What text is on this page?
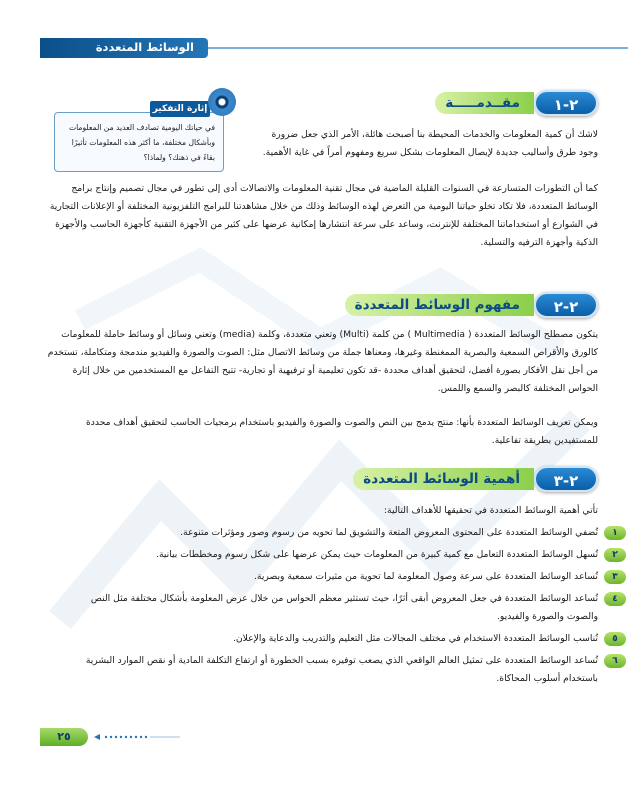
الوسائط المتعددة
٢-١
مقــدمـــــة
في حياتك اليومية تصادف العديد من المعلومات وبأشكال مختلفة، ما أكثر هذه المعلومات تأثيرًا بقاءً في ذهنك؟ ولماذا؟
إثارة التفكير

لاشك أن كمية المعلومات والخدمات المحيطة بنا أصبحت هائلة، الأمر الذي جعل ضرورة وجود طرق وأساليب جديدة لإيصال المعلومات بشكل سريع ومفهوم أمراً في غاية الأهمية.

كما أن التطورات المتسارعة في السنوات القليلة الماضية في مجال تقنية المعلومات والاتصالات أدى إلى تطور في مجال تصميم وإنتاج برامج الوسائط المتعددة، فلا تكاد تخلو حياتنا اليومية من التعرض لهذه الوسائط وذلك من خلال مشاهدتنا للبرامج التلفزيونية المختلفة أو الإعلانات التجارية في الشوارع أو استخداماتنا المختلفة للإنترنت، وساعد على سرعة انتشارها إمكانية عرضها على كثير من الأجهزة التقنية كأجهزة الحاسب والأجهزة الذكية وأجهزة الترفيه والتسلية.

٢-٢
مفهوم الوسائط المتعددة

يتكون مصطلح الوسائط المتعددة ( Multimedia ) من كلمة (Multi) وتعني متعددة، وكلمة (media) وتعني وسائل أو وسائط حاملة للمعلومات كالورق والأقراص السمعية والبصرية الممغنطة وغيرها، ومعناها جملة من وسائط الاتصال مثل: الصوت والصورة والفيديو مندمجة ومتكاملة، تستخدم من أجل نقل الأفكار بصورة أفضل، لتحقيق أهداف محددة -قد تكون تعليمية أو ترفيهية أو تجارية- تتيح التفاعل مع المستخدمين من خلال إثارة الحواس المختلفة كالبصر والسمع واللمس.

ويمكن تعريف الوسائط المتعددة بأنها: منتج يدمج بين النص والصوت والصورة والفيديو باستخدام برمجيات الحاسب لتحقيق أهداف محددة للمستفيدين بطريقة تفاعلية.

٢-٣
أهمية الوسائط المتعددة

تأتي أهمية الوسائط المتعددة في تحقيقها للأهداف التالية:

١
تُضفي الوسائط المتعددة على المحتوى المعروض المتعة والتشويق لما تحويه من رسوم وصور ومؤثرات متنوعة.
٢
تُسهل الوسائط المتعددة التعامل مع كمية كبيرة من المعلومات حيث يمكن عرضها على شكل رسوم ومخططات بيانية.
٣
تُساعد الوسائط المتعددة على سرعة وصول المعلومة لما تحوية من مثيرات سمعية وبصرية.
٤
تُساعد الوسائط المتعددة في جعل المعروض أبقى أثرًا، حيث تستثير معظم الحواس من خلال عرض المعلومة بأشكال مختلفة مثل النص والصوت والصورة والفيديو.
٥
تُناسب الوسائط المتعددة الاستخدام في مختلف المجالات مثل التعليم والتدريب والدعاية والإعلان.
٦
تُساعد الوسائط المتعددة على تمثيل العالم الواقعي الذي يصعب توفيره بسبب الخطورة أو ارتفاع التكلفة المادية أو نقص الموارد البشرية باستخدام أسلوب المحاكاة.
٢٥
